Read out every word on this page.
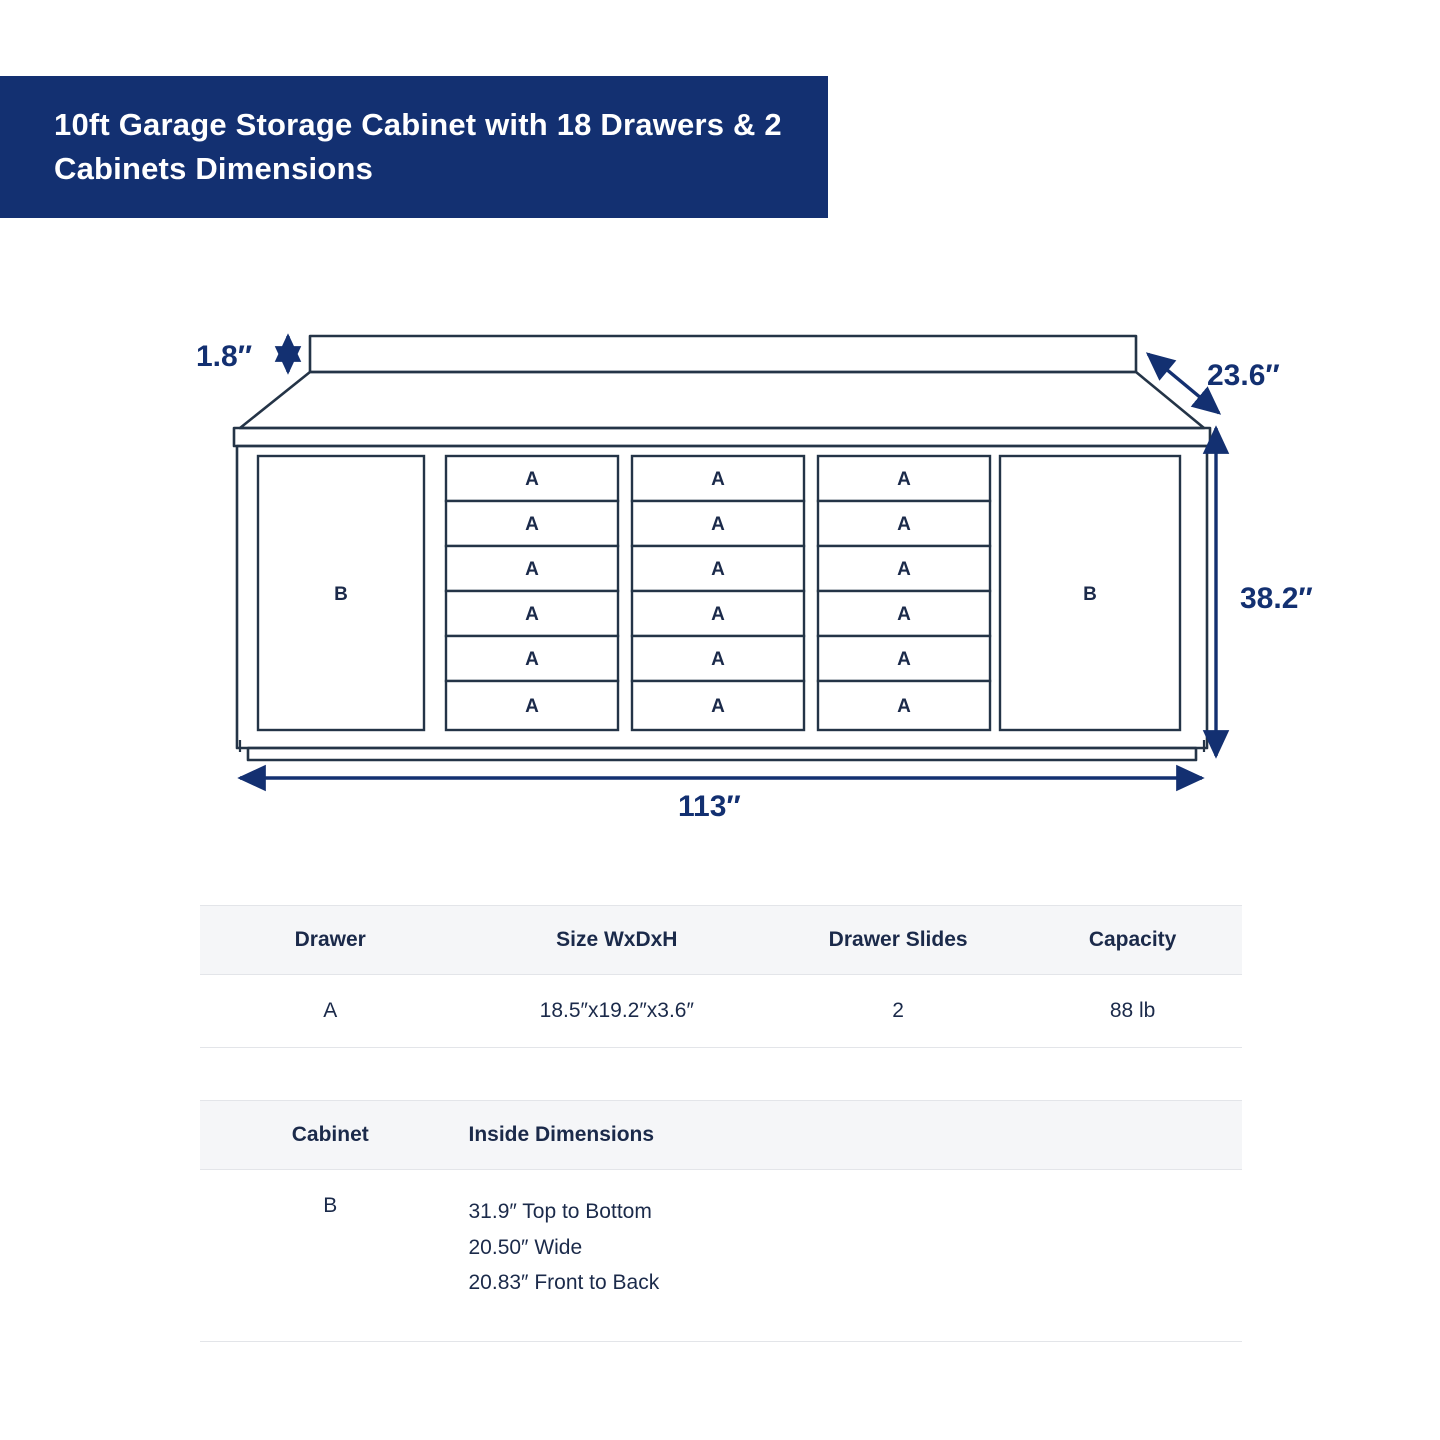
10ft Garage Storage Cabinet with 18 Drawers & 2 Cabinets Dimensions
B	B
A
A
A
A
A
A
A
A
A
A
A
A
A
A
A
A
A
A
1.8″
23.6″
38.2″
113″
Drawer	Size WxDxH	Drawer Slides	Capacity
A	18.5″x19.2″x3.6″	2	88 lb
Cabinet	Inside Dimensions
B	31.9″ Top to Bottom
20.50″ Wide
20.83″ Front to Back
